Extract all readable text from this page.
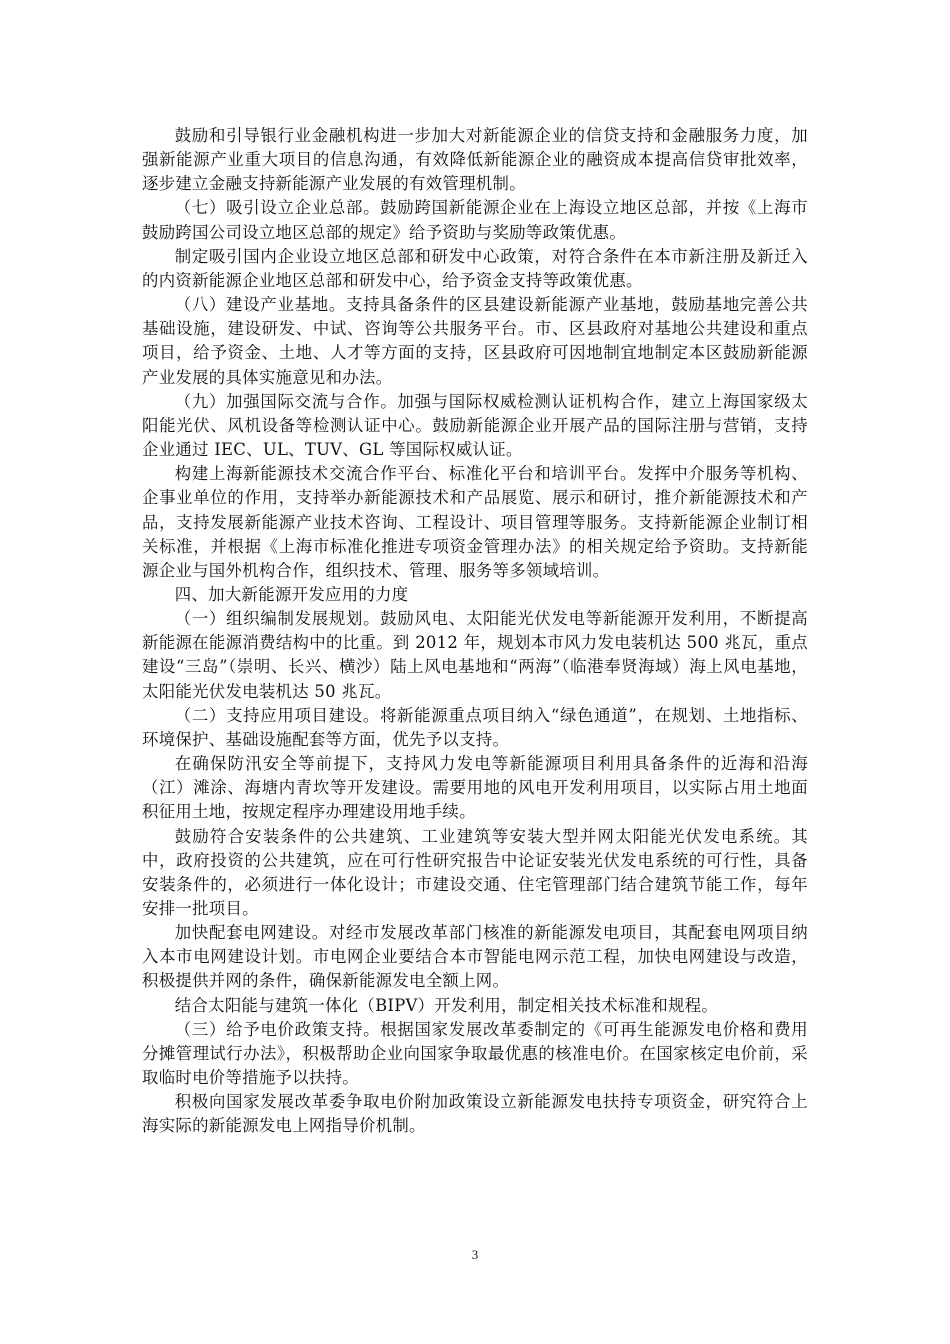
鼓励和引导银行业金融机构进一步加大对新能源企业的信贷支持和金融服务力度，加强新能源产业重大项目的信息沟通，有效降低新能源企业的融资成本提高信贷审批效率，逐步建立金融支持新能源产业发展的有效管理机制。

（七）吸引设立企业总部。鼓励跨国新能源企业在上海设立地区总部，并按《上海市鼓励跨国公司设立地区总部的规定》给予资助与奖励等政策优惠。

制定吸引国内企业设立地区总部和研发中心政策，对符合条件在本市新注册及新迁入的内资新能源企业地区总部和研发中心，给予资金支持等政策优惠。

（八）建设产业基地。支持具备条件的区县建设新能源产业基地，鼓励基地完善公共基础设施，建设研发、中试、咨询等公共服务平台。市、区县政府对基地公共建设和重点项目，给予资金、土地、人才等方面的支持，区县政府可因地制宜地制定本区鼓励新能源产业发展的具体实施意见和办法。

（九）加强国际交流与合作。加强与国际权威检测认证机构合作，建立上海国家级太阳能光伏、风机设备等检测认证中心。鼓励新能源企业开展产品的国际注册与营销，支持企业通过 IEC、UL、TUV、GL 等国际权威认证。

构建上海新能源技术交流合作平台、标准化平台和培训平台。发挥中介服务等机构、企事业单位的作用，支持举办新能源技术和产品展览、展示和研讨，推介新能源技术和产品，支持发展新能源产业技术咨询、工程设计、项目管理等服务。支持新能源企业制订相关标准，并根据《上海市标准化推进专项资金管理办法》的相关规定给予资助。支持新能源企业与国外机构合作，组织技术、管理、服务等多领域培训。

四、加大新能源开发应用的力度

（一）组织编制发展规划。鼓励风电、太阳能光伏发电等新能源开发利用，不断提高新能源在能源消费结构中的比重。到 2012 年，规划本市风力发电装机达 500 兆瓦，重点建设“三岛”（崇明、长兴、横沙）陆上风电基地和“两海”（临港奉贤海域）海上风电基地，太阳能光伏发电装机达 50 兆瓦。

（二）支持应用项目建设。将新能源重点项目纳入“绿色通道”，在规划、土地指标、环境保护、基础设施配套等方面，优先予以支持。

在确保防汛安全等前提下，支持风力发电等新能源项目利用具备条件的近海和沿海（江）滩涂、海塘内青坎等开发建设。需要用地的风电开发利用项目，以实际占用土地面积征用土地，按规定程序办理建设用地手续。

鼓励符合安装条件的公共建筑、工业建筑等安装大型并网太阳能光伏发电系统。其中，政府投资的公共建筑，应在可行性研究报告中论证安装光伏发电系统的可行性，具备安装条件的，必须进行一体化设计；市建设交通、住宅管理部门结合建筑节能工作，每年安排一批项目。

加快配套电网建设。对经市发展改革部门核准的新能源发电项目，其配套电网项目纳入本市电网建设计划。市电网企业要结合本市智能电网示范工程，加快电网建设与改造，积极提供并网的条件，确保新能源发电全额上网。

结合太阳能与建筑一体化（BIPV）开发利用，制定相关技术标准和规程。

（三）给予电价政策支持。根据国家发展改革委制定的《可再生能源发电价格和费用分摊管理试行办法》，积极帮助企业向国家争取最优惠的核准电价。在国家核定电价前，采取临时电价等措施予以扶持。

积极向国家发展改革委争取电价附加政策设立新能源发电扶持专项资金，研究符合上海实际的新能源发电上网指导价机制。

3
